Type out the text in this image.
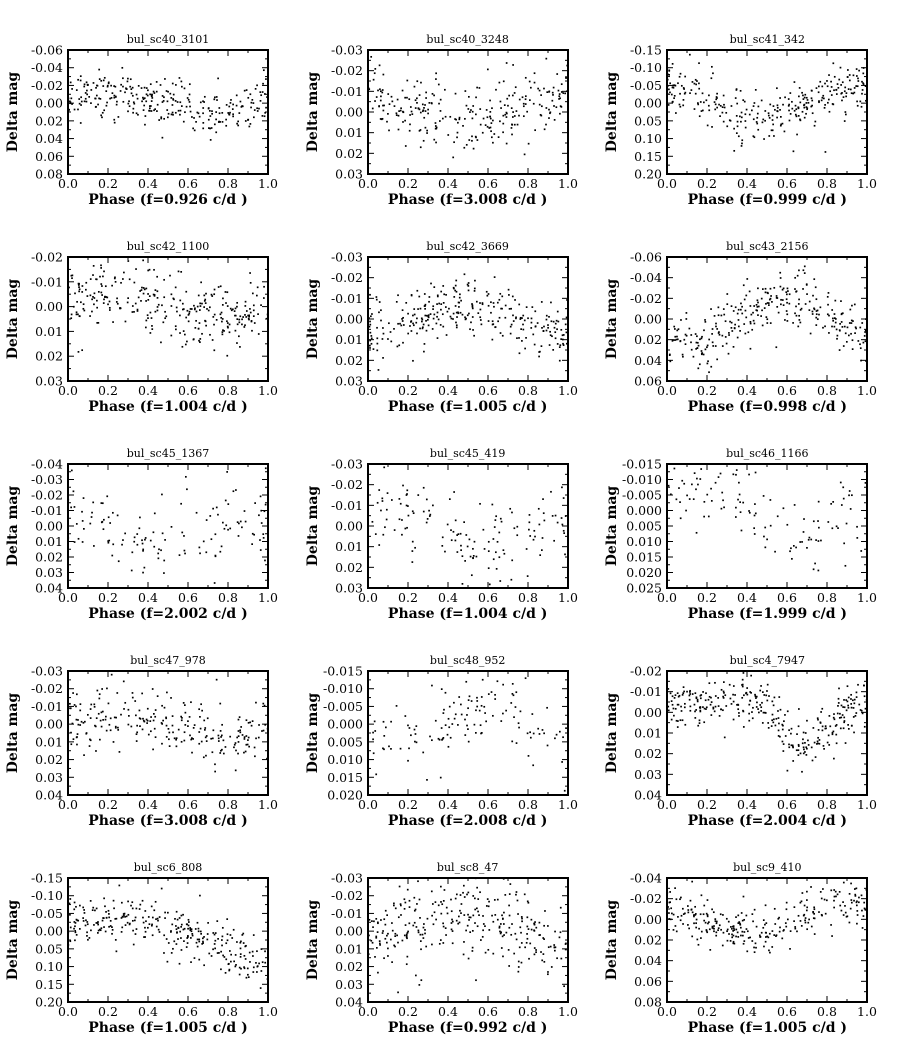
bul_sc40_3101
Delta mag
0.0 0.2 0.4 0.6 0.8 1.0
-0.06
-0.04
-0.02
0.00
0.02
0.04
0.06
0.08
Phase (f=0.926 c/d )
bul_sc40_3248
Delta mag
0.0 0.2 0.4 0.6 0.8 1.0
-0.03
-0.02
-0.01
0.00
0.01
0.02
0.03
Phase (f=3.008 c/d )
bul_sc41_342
Delta mag
0.0 0.2 0.4 0.6 0.8 1.0
-0.15
-0.10
-0.05
0.00
0.05
0.10
0.15
0.20
Phase (f=0.999 c/d )
bul_sc42_1100
Delta mag
0.0 0.2 0.4 0.6 0.8 1.0
-0.02
-0.01
0.00
0.01
0.02
0.03
Phase (f=1.004 c/d )
bul_sc42_3669
Delta mag
0.0 0.2 0.4 0.6 0.8 1.0
-0.03
-0.02
-0.01
0.00
0.01
0.02
0.03
Phase (f=1.005 c/d )
bul_sc43_2156
Delta mag
0.0 0.2 0.4 0.6 0.8 1.0
-0.06
-0.04
-0.02
0.00
0.02
0.04
0.06
Phase (f=0.998 c/d )
bul_sc45_1367
Delta mag
0.0 0.2 0.4 0.6 0.8 1.0
-0.04
-0.03
-0.02
-0.01
0.00
0.01
0.02
0.03
0.04
Phase (f=2.002 c/d )
bul_sc45_419
Delta mag
0.0 0.2 0.4 0.6 0.8 1.0
-0.03
-0.02
-0.01
0.00
0.01
0.02
0.03
Phase (f=1.004 c/d )
bul_sc46_1166
Delta mag
0.0 0.2 0.4 0.6 0.8 1.0
-0.015
-0.010
-0.005
0.000
0.005
0.010
0.015
0.020
0.025
Phase (f=1.999 c/d )
bul_sc47_978
Delta mag
0.0 0.2 0.4 0.6 0.8 1.0
-0.03
-0.02
-0.01
0.00
0.01
0.02
0.03
0.04
Phase (f=3.008 c/d )
bul_sc48_952
Delta mag
0.0 0.2 0.4 0.6 0.8 1.0
-0.015
-0.010
-0.005
0.000
0.005
0.010
0.015
0.020
Phase (f=2.008 c/d )
bul_sc4_7947
Delta mag
0.0 0.2 0.4 0.6 0.8 1.0
-0.02
-0.01
0.00
0.01
0.02
0.03
0.04
Phase (f=2.004 c/d )
bul_sc6_808
Delta mag
0.0 0.2 0.4 0.6 0.8 1.0
-0.15
-0.10
-0.05
0.00
0.05
0.10
0.15
0.20
Phase (f=1.005 c/d )
bul_sc8_47
Delta mag
0.0 0.2 0.4 0.6 0.8 1.0
-0.03
-0.02
-0.01
0.00
0.01
0.02
0.03
0.04
Phase (f=0.992 c/d )
bul_sc9_410
Delta mag
0.0 0.2 0.4 0.6 0.8 1.0
-0.04
-0.02
0.00
0.02
0.04
0.06
0.08
Phase (f=1.005 c/d )
